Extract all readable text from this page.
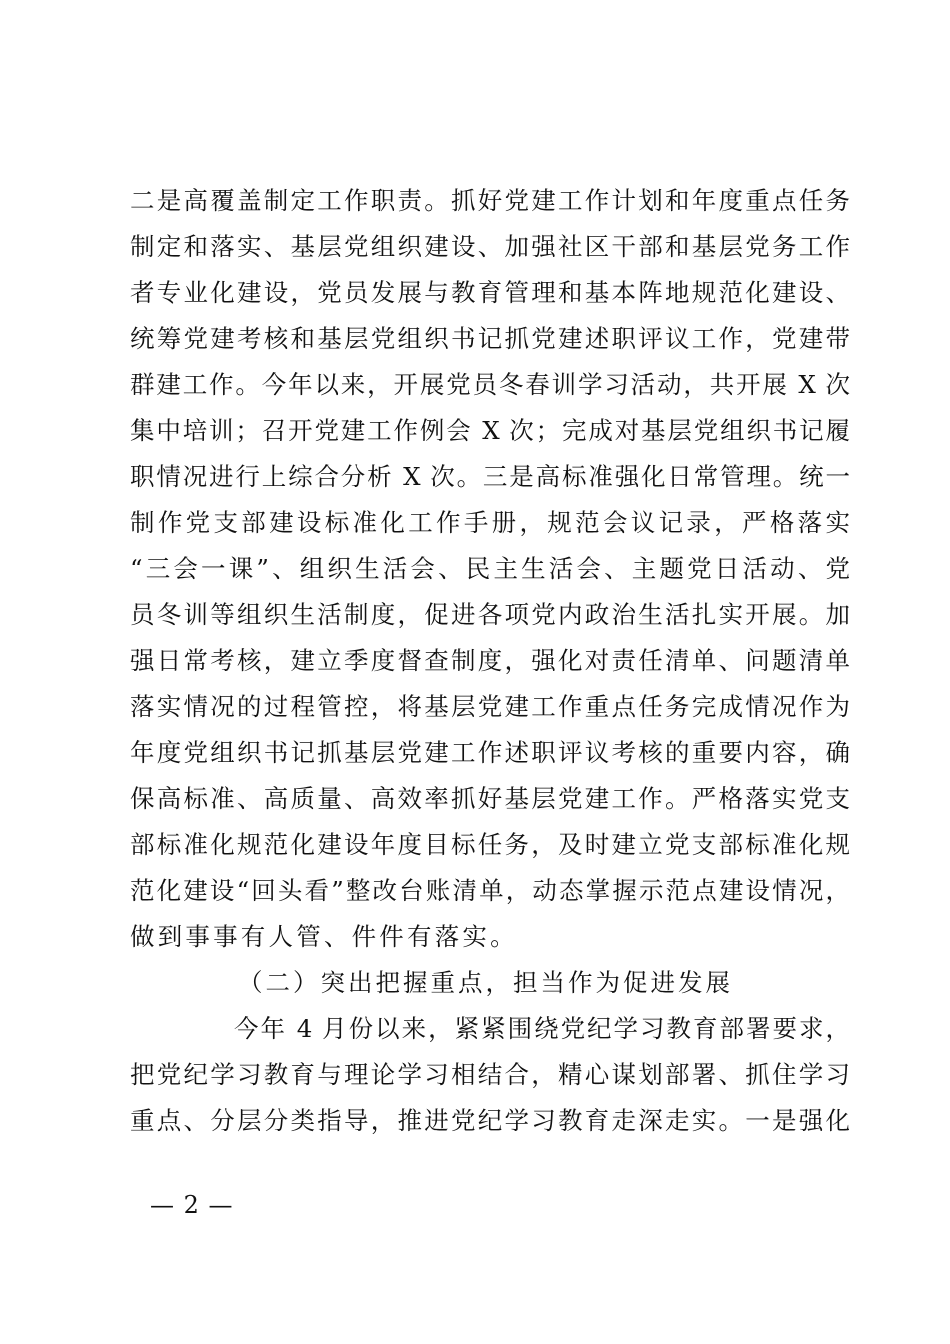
二是高覆盖制定工作职责。抓好党建工作计划和年度重点任务
制定和落实、基层党组织建设、加强社区干部和基层党务工作
者专业化建设，党员发展与教育管理和基本阵地规范化建设、
统筹党建考核和基层党组织书记抓党建述职评议工作，党建带
群建工作。今年以来，开展党员冬春训学习活动，共开展 X 次
集中培训；召开党建工作例会 X 次；完成对基层党组织书记履
职情况进行上综合分析 X 次。三是高标准强化日常管理。统一
制作党支部建设标准化工作手册，规范会议记录，严格落实
“三会一课”、组织生活会、民主生活会、主题党日活动、党
员冬训等组织生活制度，促进各项党内政治生活扎实开展。加
强日常考核，建立季度督查制度，强化对责任清单、问题清单
落实情况的过程管控，将基层党建工作重点任务完成情况作为
年度党组织书记抓基层党建工作述职评议考核的重要内容，确
保高标准、高质量、高效率抓好基层党建工作。严格落实党支
部标准化规范化建设年度目标任务，及时建立党支部标准化规
范化建设“回头看”整改台账清单，动态掌握示范点建设情况，
做到事事有人管、件件有落实。
（二）突出把握重点，担当作为促进发展
今年 4 月份以来，紧紧围绕党纪学习教育部署要求，
把党纪学习教育与理论学习相结合，精心谋划部署、抓住学习
重点、分层分类指导，推进党纪学习教育走深走实。一是强化
— 2 —
